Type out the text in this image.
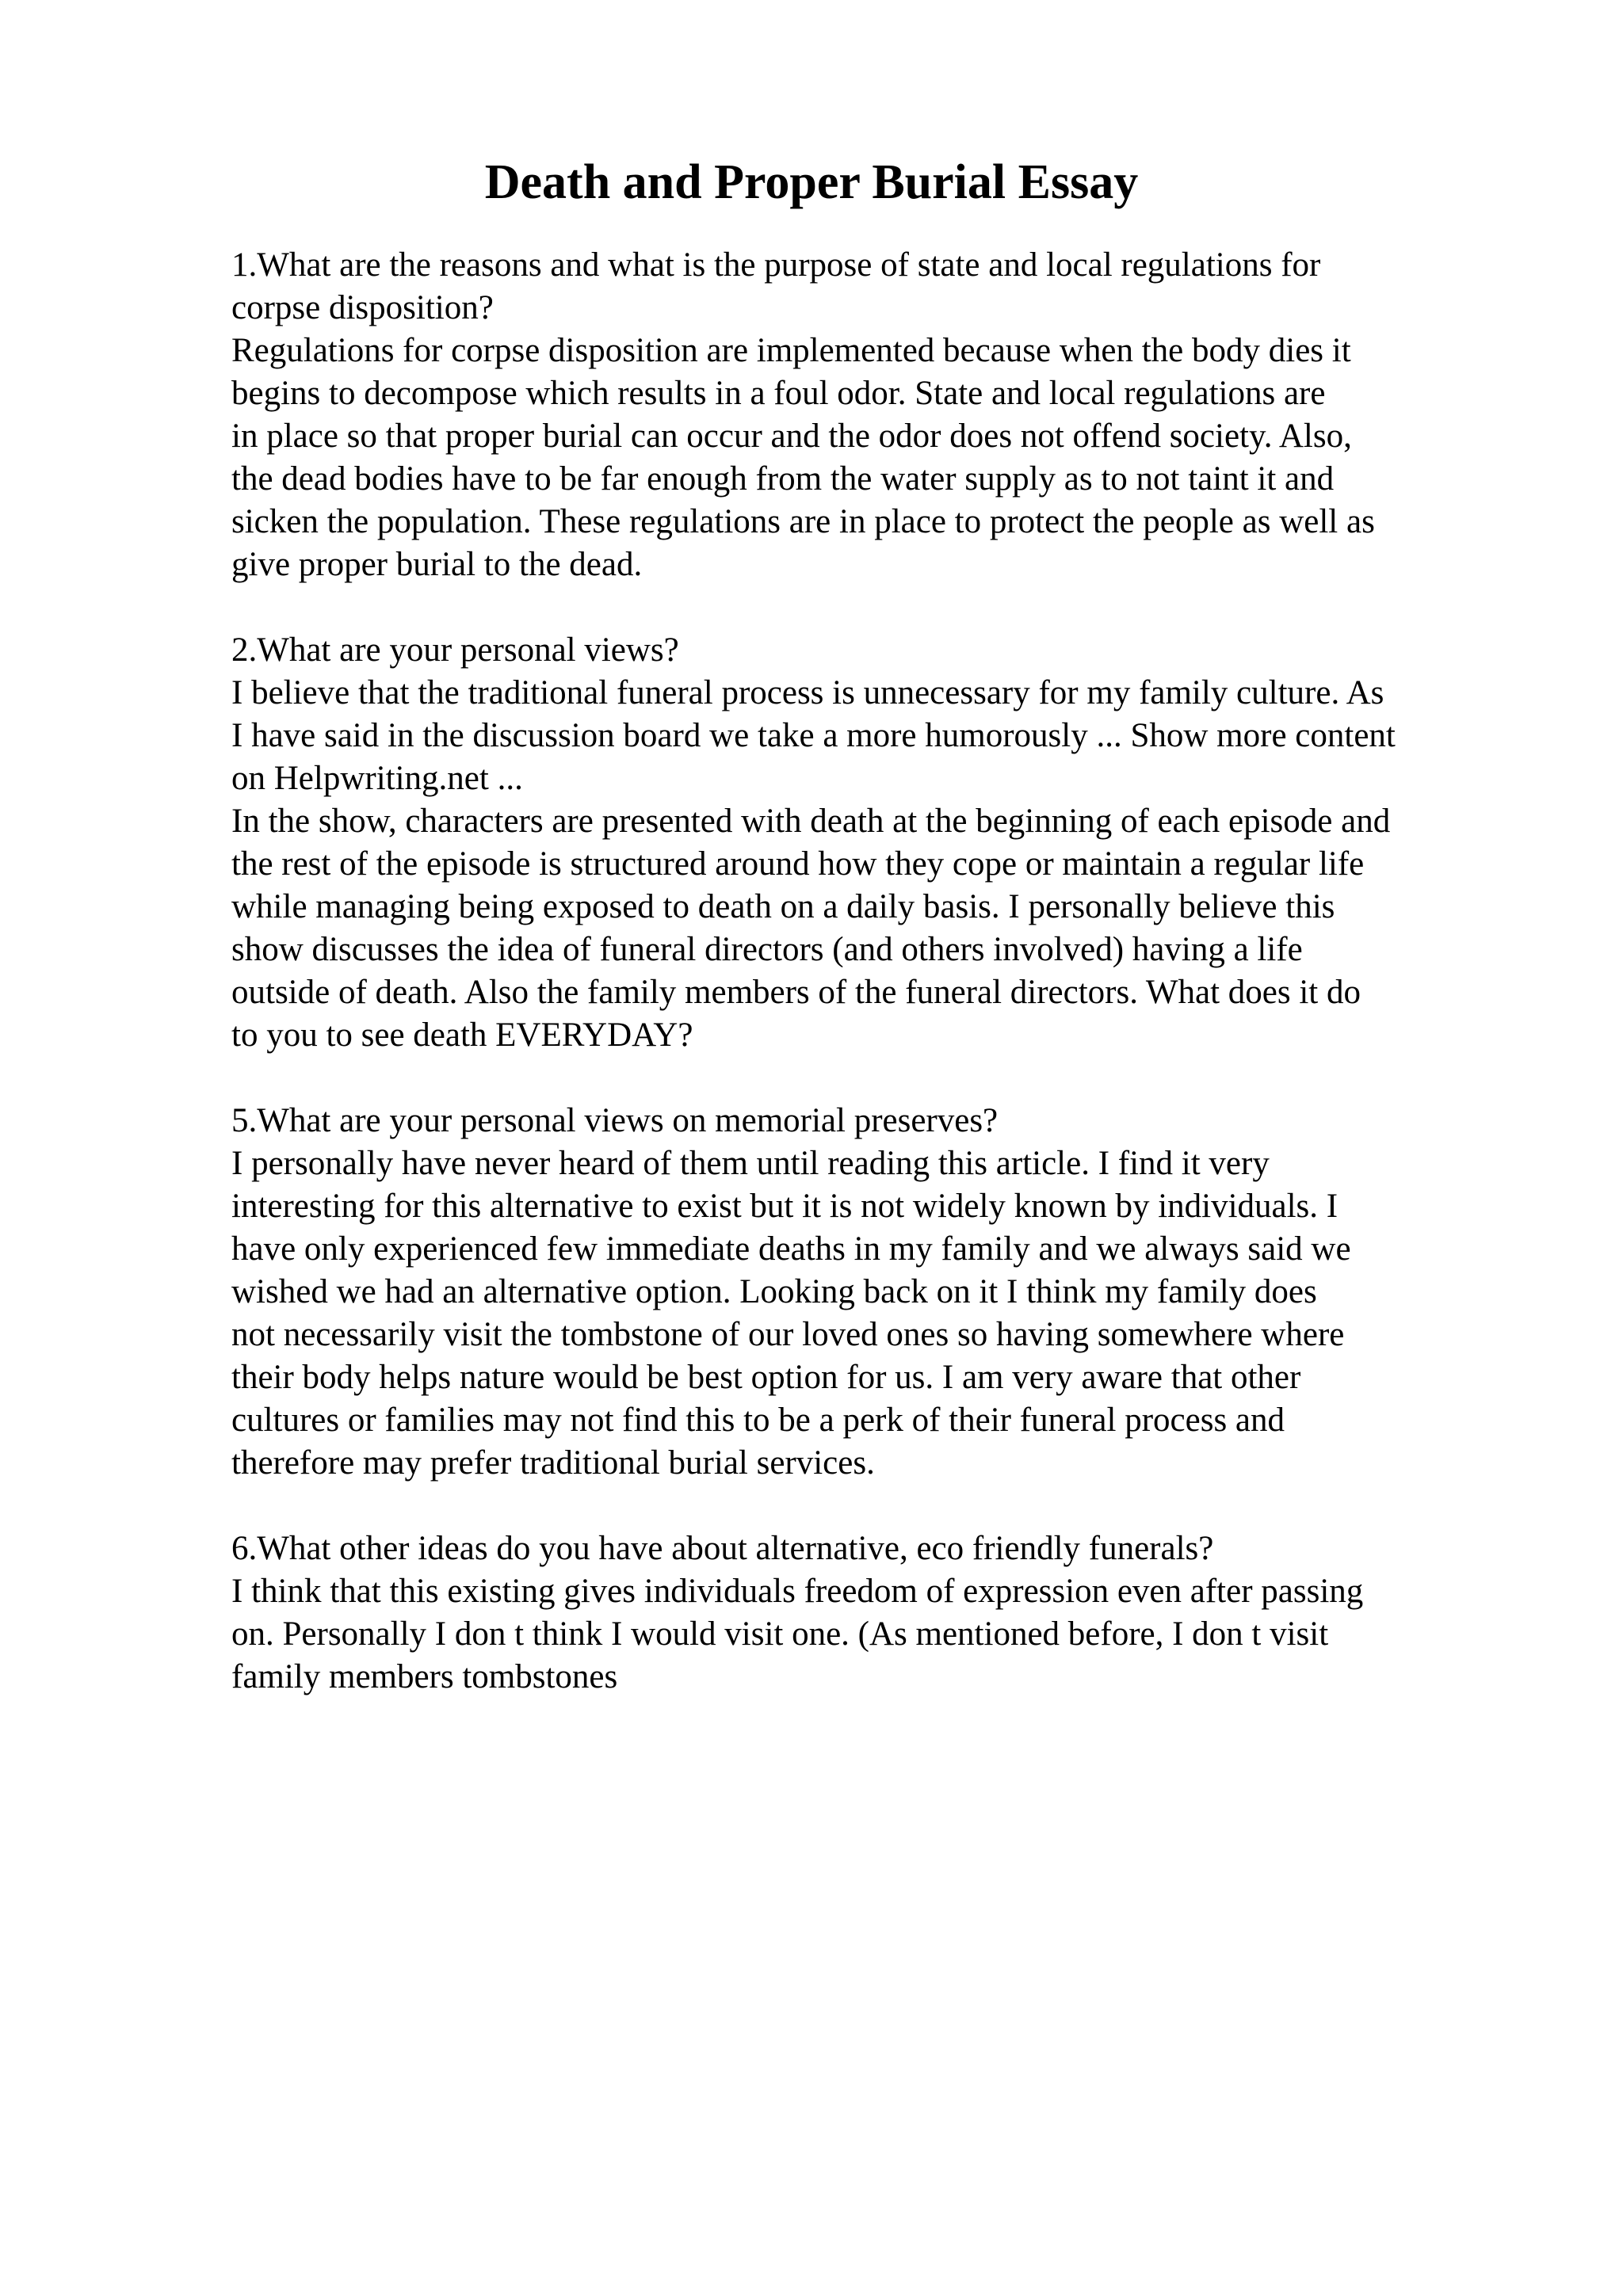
Death and Proper Burial Essay
1.What are the reasons and what is the purpose of state and local regulations for
corpse disposition?
Regulations for corpse disposition are implemented because when the body dies it
begins to decompose which results in a foul odor. State and local regulations are
in place so that proper burial can occur and the odor does not offend society. Also,
the dead bodies have to be far enough from the water supply as to not taint it and
sicken the population. These regulations are in place to protect the people as well as
give proper burial to the dead.
2.What are your personal views?
I believe that the traditional funeral process is unnecessary for my family culture. As
I have said in the discussion board we take a more humorously ... Show more content
on Helpwriting.net ...
In the show, characters are presented with death at the beginning of each episode and
the rest of the episode is structured around how they cope or maintain a regular life
while managing being exposed to death on a daily basis. I personally believe this
show discusses the idea of funeral directors (and others involved) having a life
outside of death. Also the family members of the funeral directors. What does it do
to you to see death EVERYDAY?
5.What are your personal views on memorial preserves?
I personally have never heard of them until reading this article. I find it very
interesting for this alternative to exist but it is not widely known by individuals. I
have only experienced few immediate deaths in my family and we always said we
wished we had an alternative option. Looking back on it I think my family does
not necessarily visit the tombstone of our loved ones so having somewhere where
their body helps nature would be best option for us. I am very aware that other
cultures or families may not find this to be a perk of their funeral process and
therefore may prefer traditional burial services.
6.What other ideas do you have about alternative, eco friendly funerals?
I think that this existing gives individuals freedom of expression even after passing
on. Personally I don t think I would visit one. (As mentioned before, I don t visit
family members tombstones
